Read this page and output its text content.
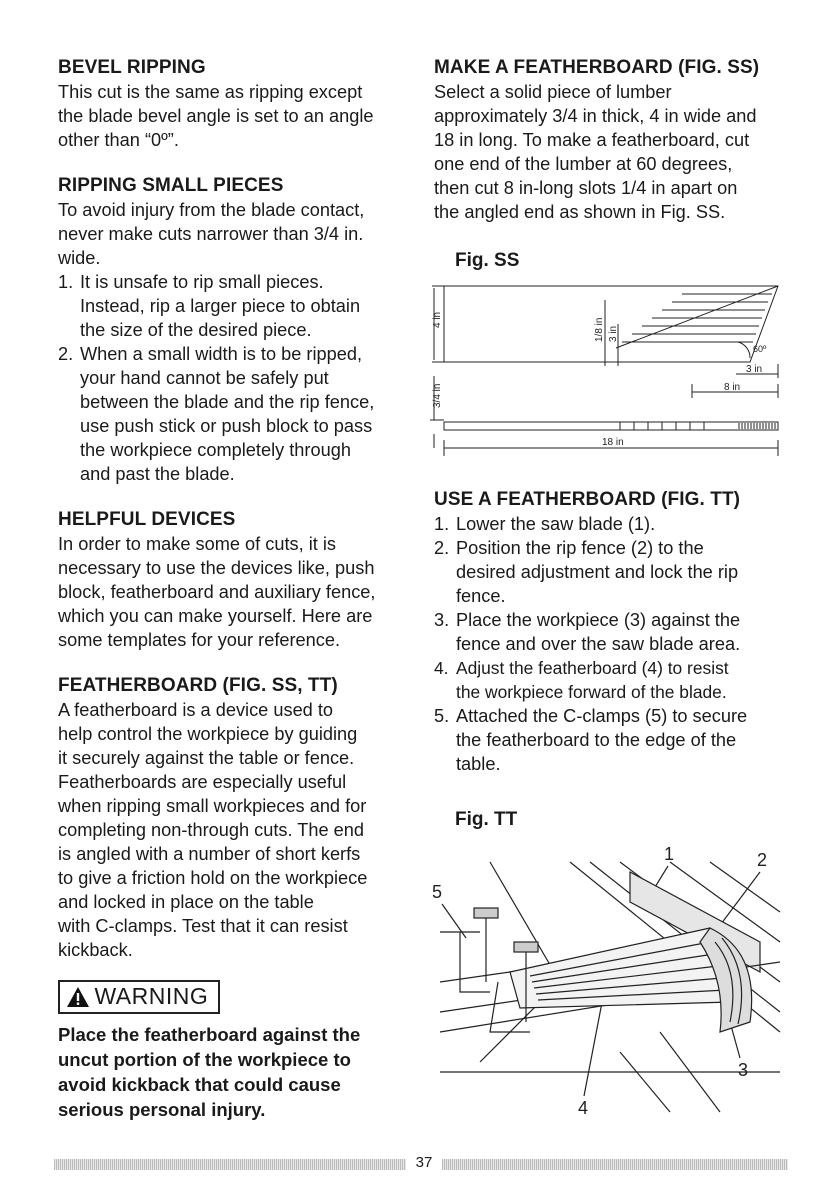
BEVEL RIPPING

This cut is the same as ripping except
the blade bevel angle is set to an angle
other than “0º”.

RIPPING SMALL PIECES

To avoid injury from the blade contact,
never make cuts narrower than 3/4 in.
wide.

1. It is unsafe to rip small pieces.
Instead, rip a larger piece to obtain
the size of the desired piece.
2. When a small width is to be ripped,
your hand cannot be safely put
between the blade and the rip fence,
use push stick or push block to pass
the workpiece completely through
and past the blade.
HELPFUL DEVICES

In order to make some of cuts, it is
necessary to use the devices like, push
block, featherboard and auxiliary fence,
which you can make yourself. Here are
some templates for your reference.

FEATHERBOARD (FIG. SS, TT)

A featherboard is a device used to
help control the workpiece by guiding
it securely against the table or fence.
Featherboards are especially useful
when ripping small workpieces and for
completing non-through cuts. The end
is angled with a number of short kerfs
to give a friction hold on the workpiece
and locked in place on the table
with C-clamps. Test that it can resist
kickback.

WARNING
Place the featherboard against the
uncut portion of the workpiece to
avoid kickback that could cause
serious personal injury.
MAKE A FEATHERBOARD (FIG. SS)

Select a solid piece of lumber
approximately 3/4 in thick, 4 in wide and
18 in long. To make a featherboard, cut
one end of the lumber at 60 degrees,
then cut 8 in-long slots 1/4 in apart on
the angled end as shown in Fig. SS.

Fig. SS
4 in	1/8 in 3 in
60º
3 in
8 in
3/4 in
18 in
USE A FEATHERBOARD (FIG. TT)
1. Lower the saw blade (1).
2. Position the rip fence (2) to the
desired adjustment and lock the rip
fence.
3. Place the workpiece (3) against the
fence and over the saw blade area.
4. Adjust the featherboard (4) to resist
the workpiece forward of the blade.
5. Attached the C-clamps (5) to secure
the featherboard to the edge of the
table.
Fig. TT
1	2
5
3
4
37
